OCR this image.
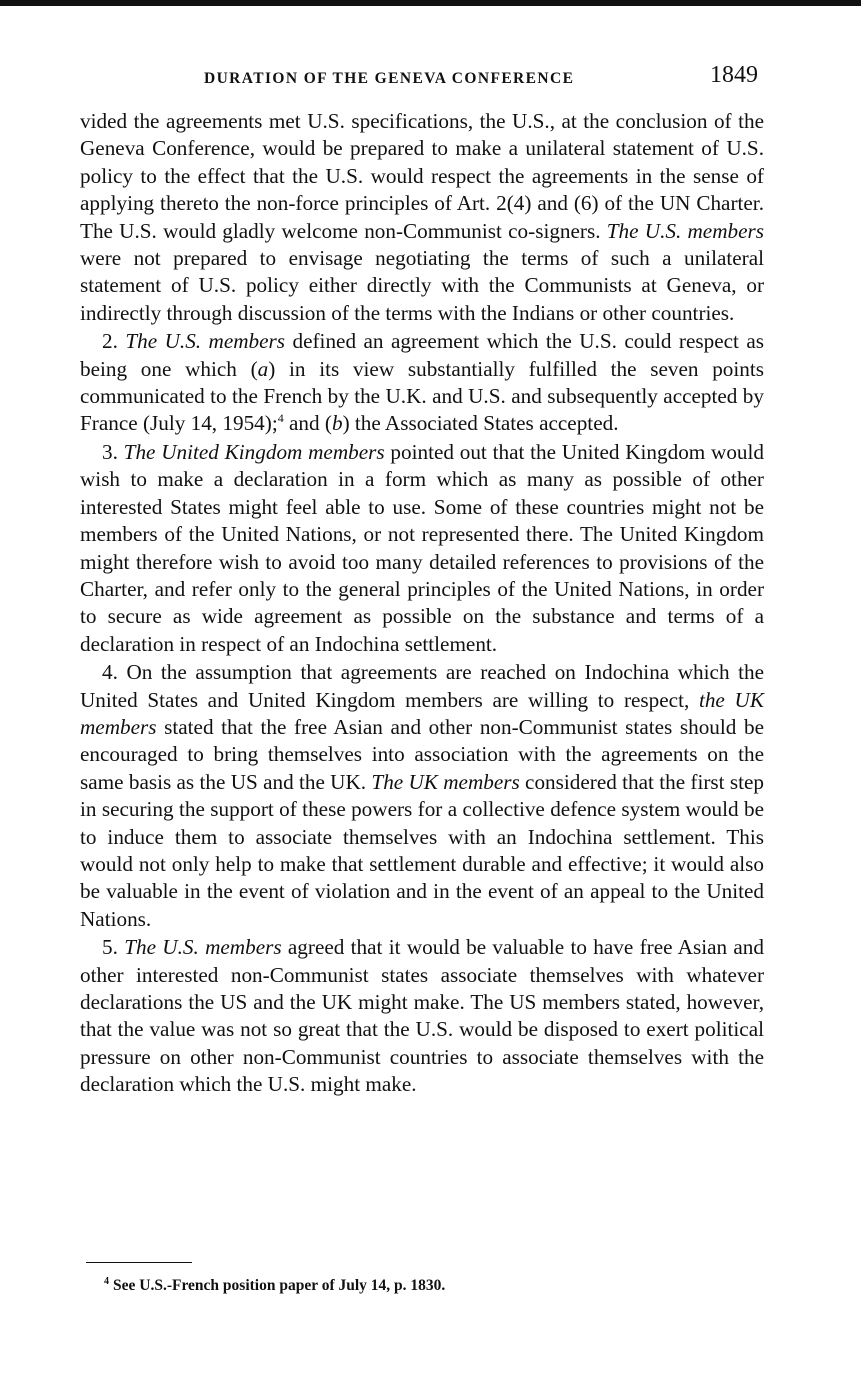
DURATION OF THE GENEVA CONFERENCE	1849

vided the agreements met U.S. specifications, the U.S., at the conclusion of the Geneva Conference, would be prepared to make a unilateral statement of U.S. policy to the effect that the U.S. would respect the agreements in the sense of applying thereto the non-force principles of Art. 2(4) and (6) of the UN Charter. The U.S. would gladly welcome non-Communist co-signers. The U.S. members were not prepared to envisage negotiating the terms of such a unilateral statement of U.S. policy either directly with the Communists at Geneva, or indirectly through discussion of the terms with the Indians or other countries.

2. The U.S. members defined an agreement which the U.S. could respect as being one which (a) in its view substantially fulfilled the seven points communicated to the French by the U.K. and U.S. and subsequently accepted by France (July 14, 1954);$^4$ and (b) the Associated States accepted.

3. The United Kingdom members pointed out that the United Kingdom would wish to make a declaration in a form which as many as possible of other interested States might feel able to use. Some of these countries might not be members of the United Nations, or not represented there. The United Kingdom might therefore wish to avoid too many detailed references to provisions of the Charter, and refer only to the general principles of the United Nations, in order to secure as wide agreement as possible on the substance and terms of a declaration in respect of an Indochina settlement.

4. On the assumption that agreements are reached on Indochina which the United States and United Kingdom members are willing to respect, the UK members stated that the free Asian and other non-Communist states should be encouraged to bring themselves into association with the agreements on the same basis as the US and the UK. The UK members considered that the first step in securing the support of these powers for a collective defence system would be to induce them to associate themselves with an Indochina settlement. This would not only help to make that settlement durable and effective; it would also be valuable in the event of violation and in the event of an appeal to the United Nations.

5. The U.S. members agreed that it would be valuable to have free Asian and other interested non-Communist states associate themselves with whatever declarations the US and the UK might make. The US members stated, however, that the value was not so great that the U.S. would be disposed to exert political pressure on other non-Communist countries to associate themselves with the declaration which the U.S. might make.

$^4$ See U.S.-French position paper of July 14, p. 1830.
